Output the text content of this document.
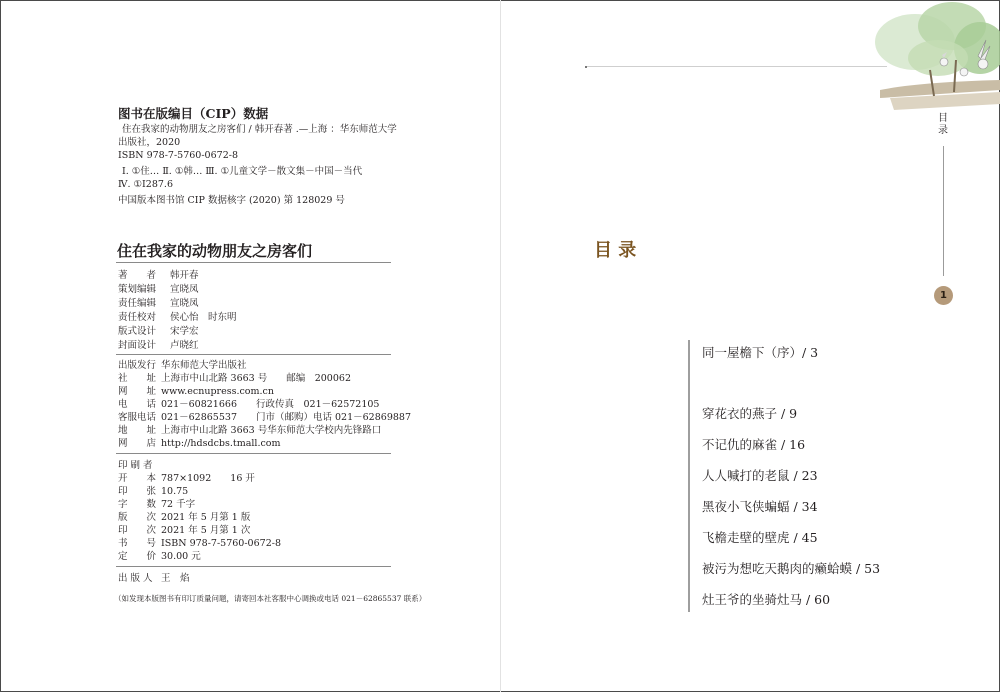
图书在版编目（CIP）数据
住在我家的动物朋友之房客们 / 韩开春著 .—上海 ：华东师范大学
出版社，2020
ISBN 978-7-5760-0672-8
Ⅰ. ①住… Ⅱ. ①韩… Ⅲ. ①儿童文学－散文集－中国－当代
Ⅳ. ①I287.6
中国版本图书馆 CIP 数据核字 (2020) 第 128029 号
住在我家的动物朋友之房客们
著　　者 韩开春
策划编辑 宣晓凤
责任编辑 宣晓凤
责任校对 侯心怡　时东明
版式设计 宋学宏
封面设计 卢晓红
出版发行 华东师范大学出版社
社　　址 上海市中山北路 3663 号　　邮编　200062
网　　址 www.ecnupress.com.cn
电　　话 021－60821666　　行政传真　021－62572105
客服电话 021－62865537　　门市（邮购）电话 021－62869887
地　　址 上海市中山北路 3663 号华东师范大学校内先锋路口
网　　店 http://hdsdcbs.tmall.com
印 刷 者
开　　本 787×1092　　16 开
印　　张 10.75
字　　数 72 千字
版　　次 2021 年 5 月第 1 版
印　　次 2021 年 5 月第 1 次
书　　号 ISBN 978-7-5760-0672-8
定　　价 30.00 元
出 版 人 王　焰
（如发现本版图书有印订质量问题，请寄回本社客服中心调换或电话 021－62865537 联系）
目录
1
目 录
同一屋檐下（序）/ 3
穿花衣的燕子 / 9
不记仇的麻雀 / 16
人人喊打的老鼠 / 23
黑夜小飞侠蝙蝠 / 34
飞檐走壁的壁虎 / 45
被污为想吃天鹅肉的癞蛤蟆 / 53
灶王爷的坐骑灶马 / 60
